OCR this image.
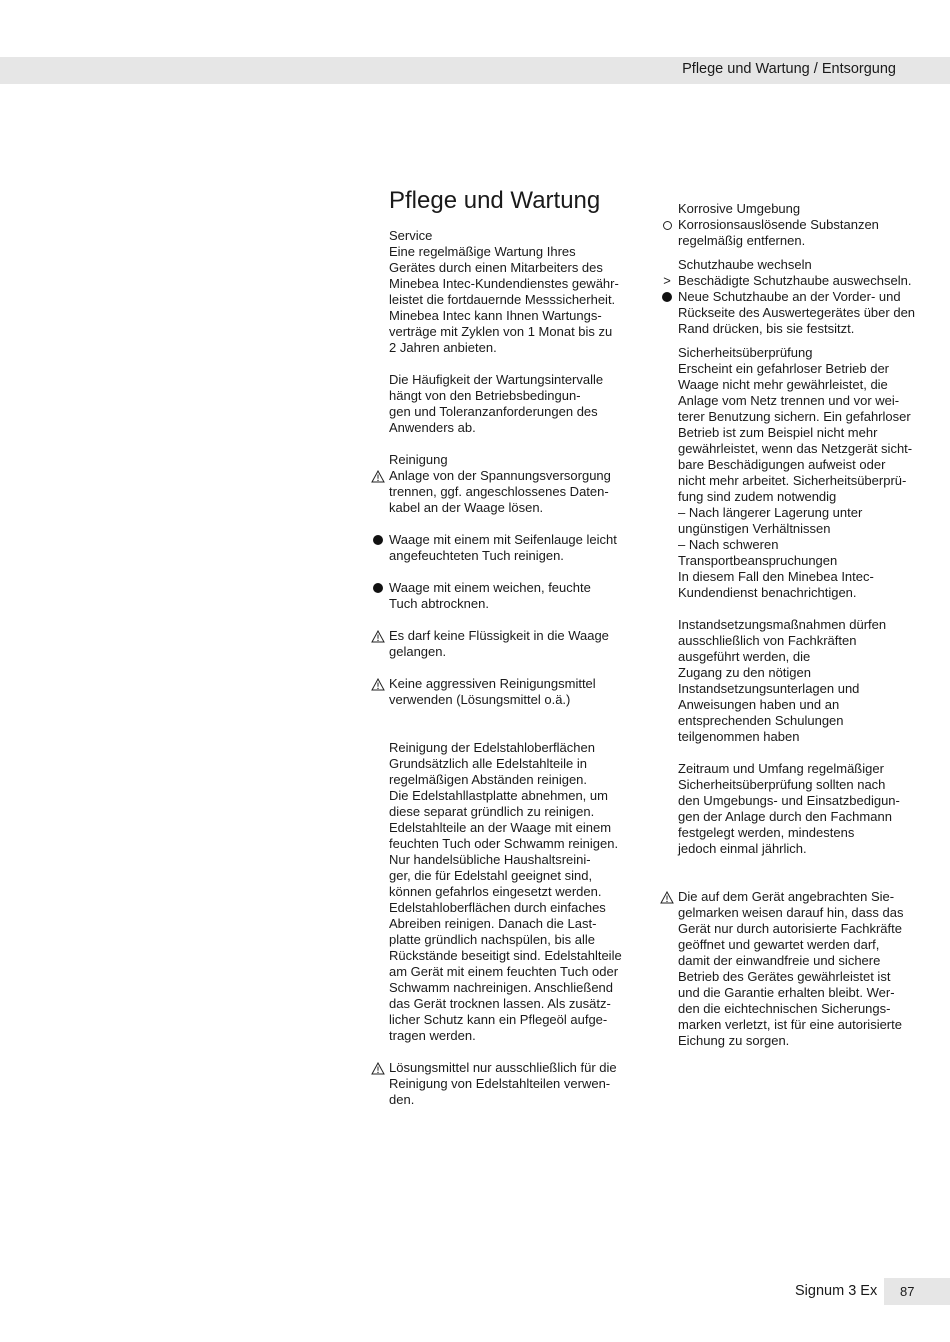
Pflege und Wartung / Entsorgung
Pflege und Wartung
Service
Eine regelmäßige Wartung Ihres
Gerätes durch einen Mitarbeiters des
Minebea Intec-Kundendienstes gewähr-
leistet die fortdauernde Messsicherheit.
Minebea Intec kann Ihnen Wartungs-
verträge mit Zyklen von 1 Monat bis zu
2 Jahren anbieten.
Die Häufigkeit der Wartungsintervalle
hängt von den Betriebsbedingun-
gen und Toleranzanforderungen des
Anwenders ab.
Reinigung
Anlage von der Spannungsversorgung
trennen, ggf. angeschlossenes Daten-
kabel an der Waage lösen.
Waage mit einem mit Seifenlauge leicht
angefeuchteten Tuch reinigen.
Waage mit einem weichen, feuchte
Tuch abtrocknen.
Es darf keine Flüssigkeit in die Waage
gelangen.
Keine aggressiven Reinigungsmittel
verwenden (Lösungsmittel o.ä.)
Reinigung der Edelstahloberflächen
Grundsätzlich alle Edelstahlteile in
regelmäßigen Abständen reinigen.
Die Edelstahllastplatte abnehmen, um
diese separat gründlich zu reinigen.
Edelstahlteile an der Waage mit einem
feuchten Tuch oder Schwamm reinigen.
Nur handelsübliche Haushaltsreini-
ger, die für Edelstahl geeignet sind,
können gefahrlos eingesetzt werden.
Edelstahloberflächen durch einfaches
Abreiben reinigen. Danach die Last-
platte gründlich nachspülen, bis alle
Rückstände beseitigt sind. Edelstahlteile
am Gerät mit einem feuchten Tuch oder
Schwamm nachreinigen. Anschließend
das Gerät trocknen lassen. Als zusätz-
licher Schutz kann ein Pflegeöl aufge-
tragen werden.
Lösungsmittel nur ausschließlich für die
Reinigung von Edelstahlteilen verwen-
den.
Korrosive Umgebung
Korrosionsauslösende Substanzen
regelmäßig entfernen.
Schutzhaube wechseln
> Beschädigte Schutzhaube auswechseln.
Neue Schutzhaube an der Vorder- und
Rückseite des Auswertegerätes über den
Rand drücken, bis sie festsitzt.
Sicherheitsüberprüfung
Erscheint ein gefahrloser Betrieb der
Waage nicht mehr gewährleistet, die
Anlage vom Netz trennen und vor wei-
terer Benutzung sichern. Ein gefahrloser
Betrieb ist zum Beispiel nicht mehr
gewährleistet, wenn das Netzgerät sicht-
bare Beschädigungen aufweist oder
nicht mehr arbeitet. Sicherheitsüberprü-
fung sind zudem notwendig
– Nach längerer Lagerung unter
ungünstigen Verhältnissen
– Nach schweren
Transportbeanspruchungen
In diesem Fall den Minebea Intec-
Kundendienst benachrichtigen.
Instandsetzungsmaßnahmen dürfen
ausschließlich von Fachkräften
ausgeführt werden, die
Zugang zu den nötigen
Instandsetzungsunterlagen und
Anweisungen haben und an
entsprechenden Schulungen
teilgenommen haben
Zeitraum und Umfang regelmäßiger
Sicherheitsüberprüfung sollten nach
den Umgebungs- und Einsatzbedigun-
gen der Anlage durch den Fachmann
festgelegt werden, mindestens
jedoch einmal jährlich.
Die auf dem Gerät angebrachten Sie-
gelmarken weisen darauf hin, dass das
Gerät nur durch autorisierte Fachkräfte
geöffnet und gewartet werden darf,
damit der einwandfreie und sichere
Betrieb des Gerätes gewährleistet ist
und die Garantie erhalten bleibt. Wer-
den die eichtechnischen Sicherungs-
marken verletzt, ist für eine autorisierte
Eichung zu sorgen.
Signum 3 Ex	87
